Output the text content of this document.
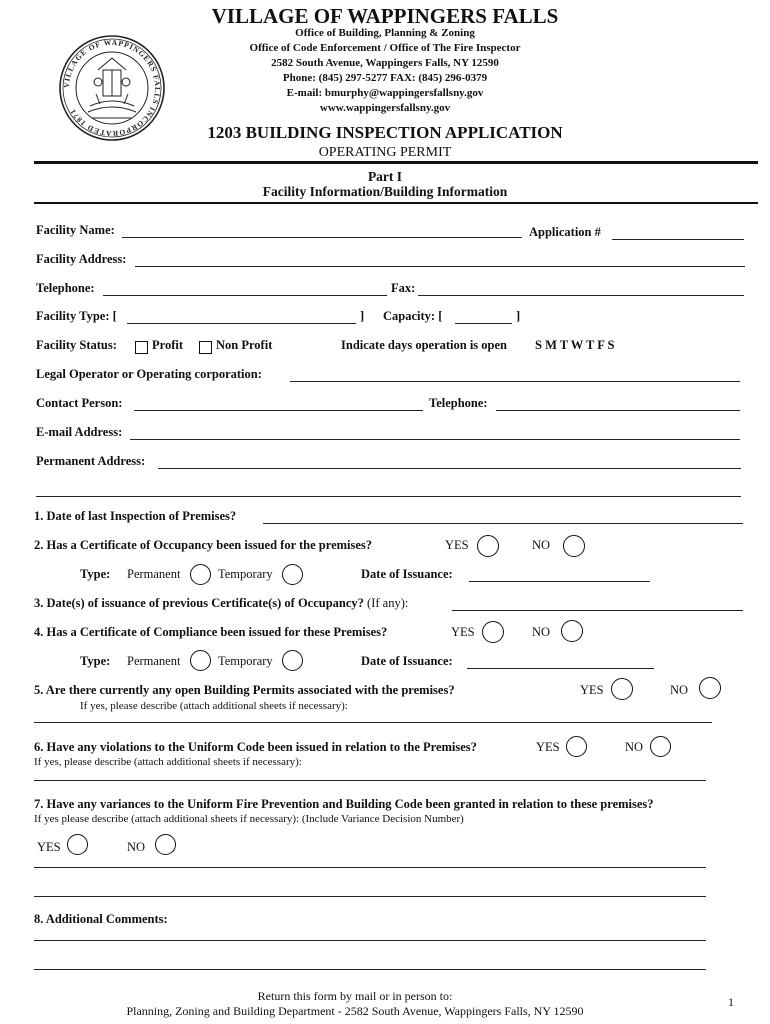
VILLAGE OF WAPPINGERS FALLS INCORPORATED 1871
VILLAGE OF WAPPINGERS FALLS
Office of Building, Planning & Zoning
Office of Code Enforcement / Office of The Fire Inspector
2582 South Avenue, Wappingers Falls, NY 12590
Phone: (845) 297-5277 FAX: (845) 296-0379
E-mail: bmurphy@wappingersfallsny.gov
www.wappingersfallsny.gov
1203 BUILDING INSPECTION APPLICATION
OPERATING PERMIT
Part I
Facility Information/Building Information
Facility Name:	Application #
Facility Address:
Telephone:	Fax:
Facility Type: [	] Capacity: [	]
Facility Status:	Profit	Non Profit	Indicate days operation is open S M T W T F S
Legal Operator or Operating corporation:
Contact Person:	Telephone:
E-mail Address:
Permanent Address:
1. Date of last Inspection of Premises?
2. Has a Certificate of Occupancy been issued for the premises?	YES	NO
Type: Permanent	Temporary	Date of Issuance:
3. Date(s) of issuance of previous Certificate(s) of Occupancy? (If any):
4. Has a Certificate of Compliance been issued for these Premises?	YES	NO
Type: Permanent	Temporary	Date of Issuance:
5. Are there currently any open Building Permits associated with the premises?	YES	NO
If yes, please describe (attach additional sheets if necessary):
6. Have any violations to the Uniform Code been issued in relation to the Premises?	YES	NO
If yes, please describe (attach additional sheets if necessary):
7. Have any variances to the Uniform Fire Prevention and Building Code been granted in relation to these premises?
If yes please describe (attach additional sheets if necessary): (Include Variance Decision Number)
YES	NO
8. Additional Comments:
Return this form by mail or in person to:
Planning, Zoning and Building Department - 2582 South Avenue, Wappingers Falls, NY 12590
1
